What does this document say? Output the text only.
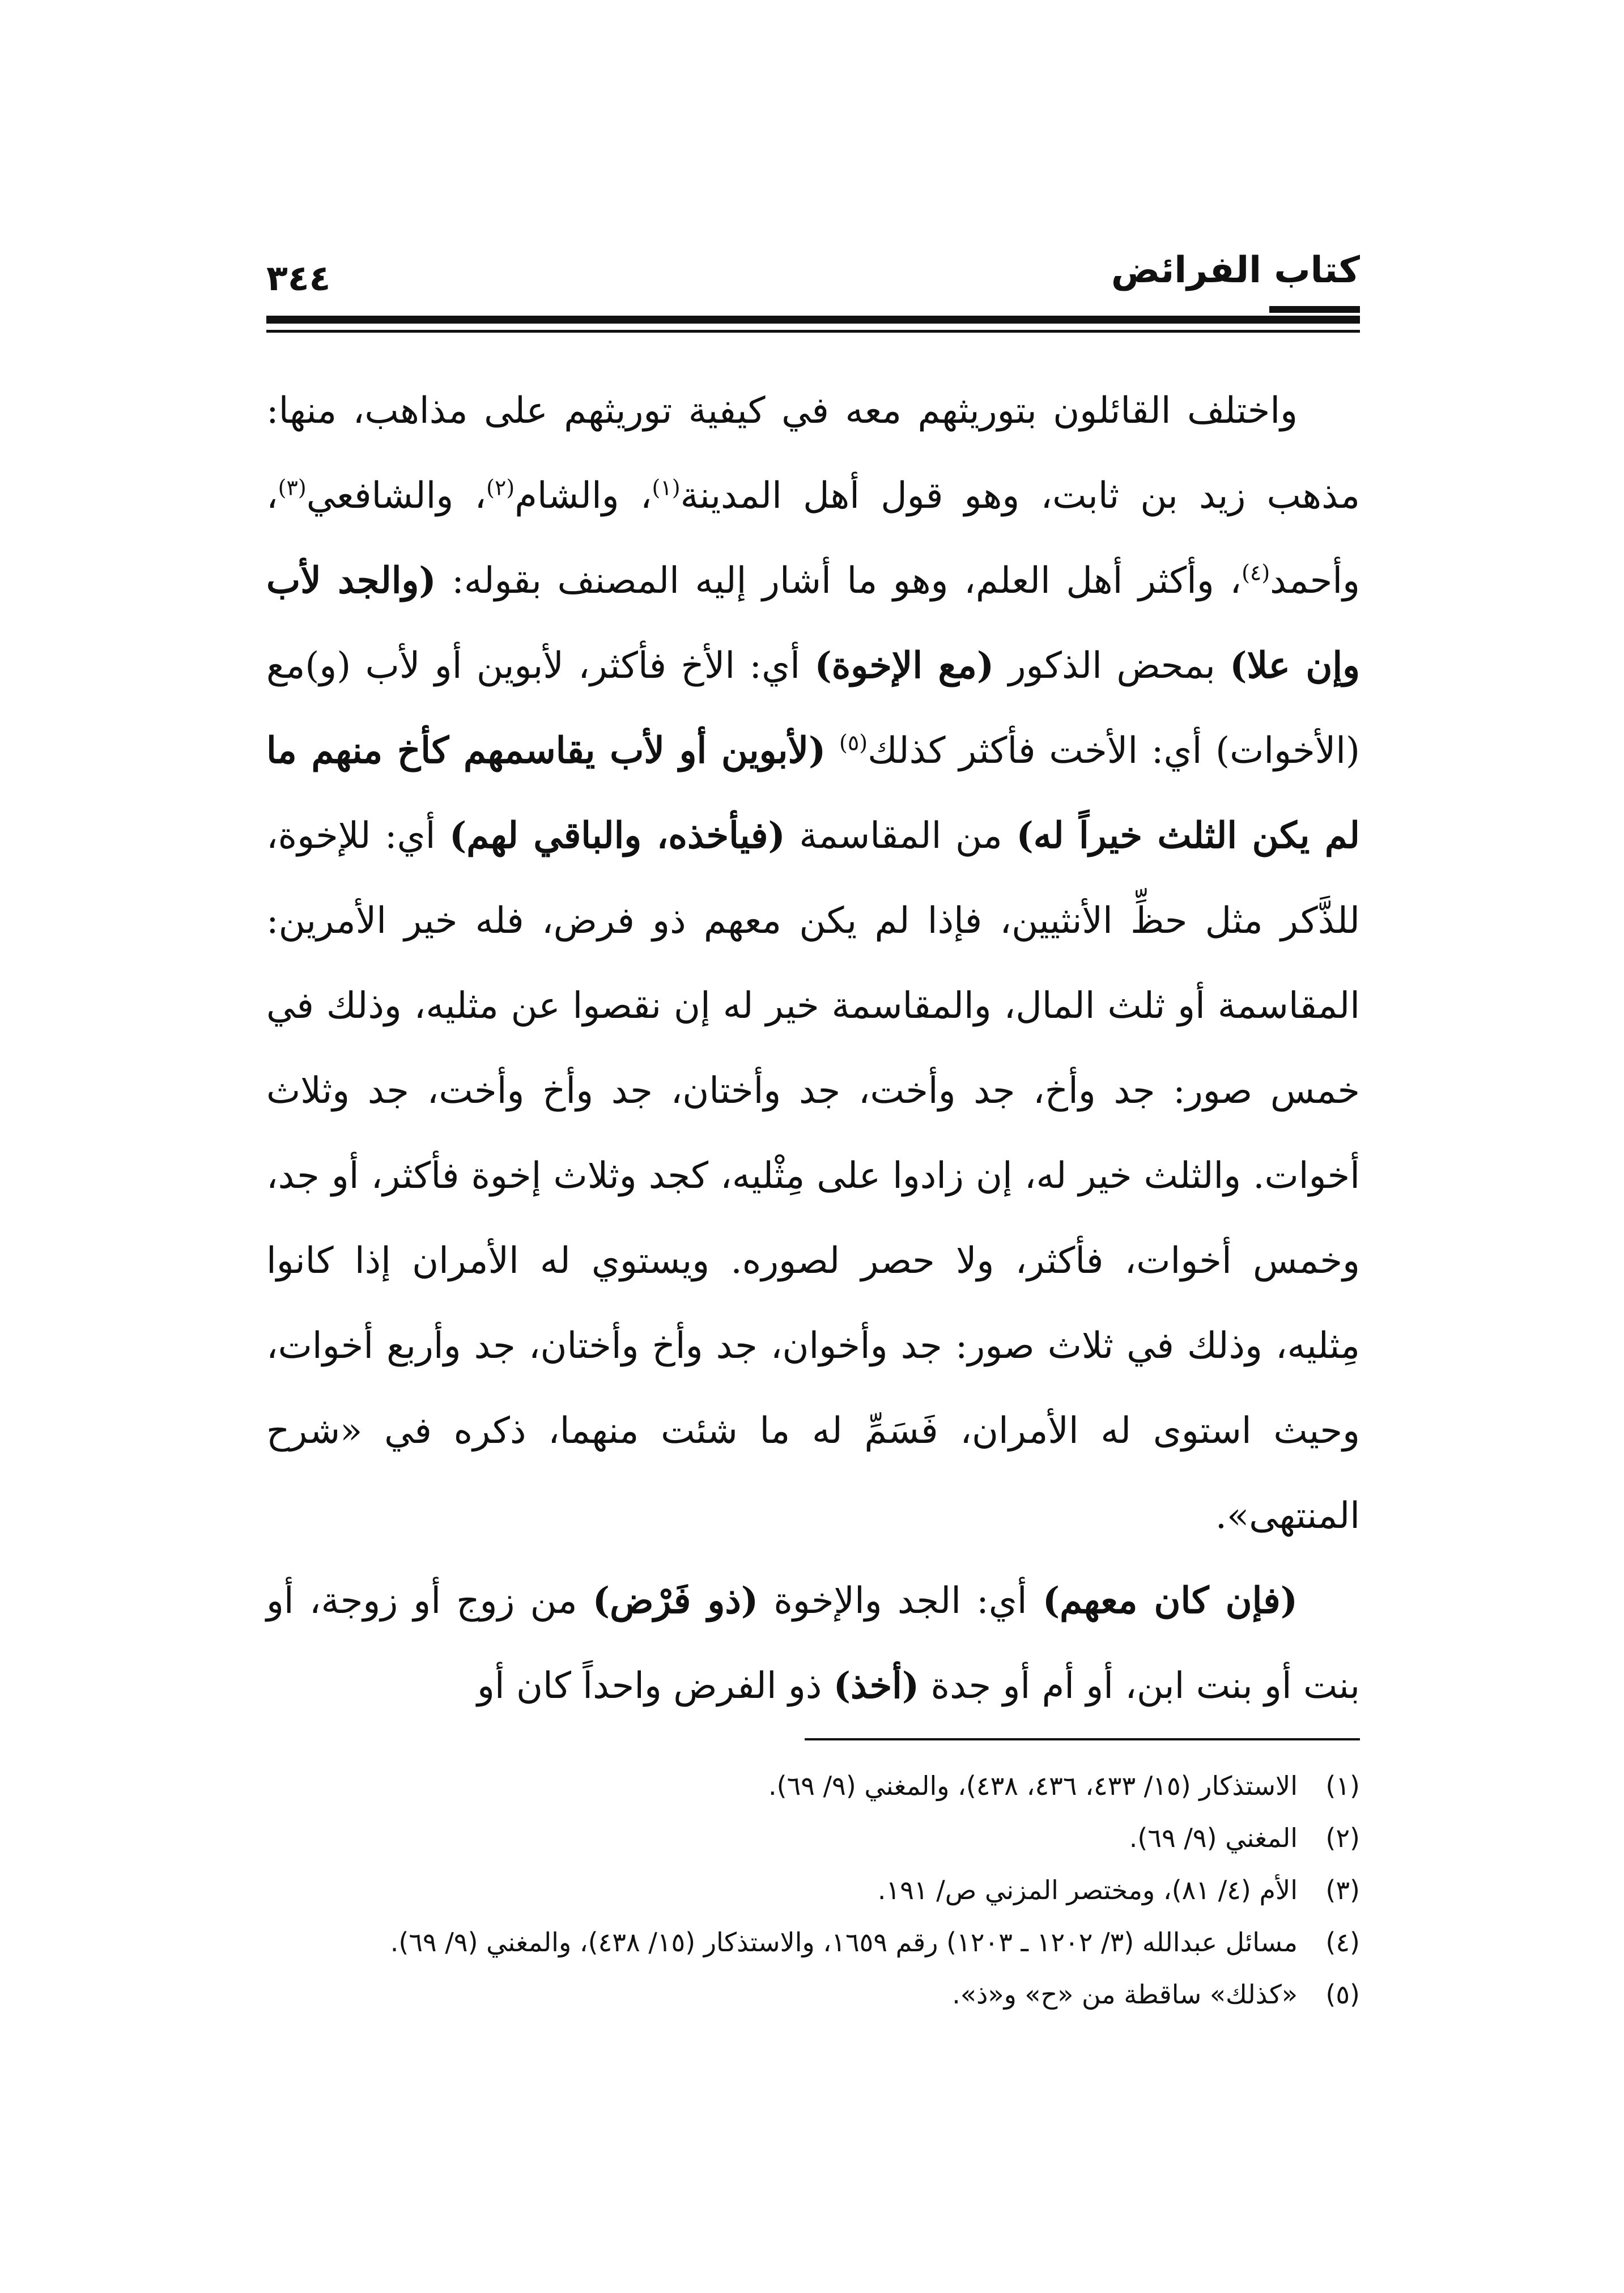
كتاب الفرائض
٣٤٤

واختلف القائلون بتوريثهم معه في كيفية توريثهم على مذاهب، منها: مذهب زيد بن ثابت، وهو قول أهل المدينة$^{(١)}$، والشام$^{(٢)}$، والشافعي$^{(٣)}$، وأحمد$^{(٤)}$، وأكثر أهل العلم، وهو ما أشار إليه المصنف بقوله: (والجد لأب وإن علا) بمحض الذكور (مع الإخوة) أي: الأخ فأكثر، لأبوين أو لأب (و)مع (الأخوات) أي: الأخت فأكثر كذلك$^{(٥)}$ (لأبوين أو لأب يقاسمهم كأخ منهم ما لم يكن الثلث خيراً له) من المقاسمة (فيأخذه، والباقي لهم) أي: للإخوة، للذَّكر مثل حظِّ الأنثيين، فإذا لم يكن معهم ذو فرض، فله خير الأمرين: المقاسمة أو ثلث المال، والمقاسمة خير له إن نقصوا عن مثليه، وذلك في خمس صور: جد وأخ، جد وأخت، جد وأختان، جد وأخ وأخت، جد وثلاث أخوات. والثلث خير له، إن زادوا على مِثْليه، كجد وثلاث إخوة فأكثر، أو جد، وخمس أخوات، فأكثر، ولا حصر لصوره. ويستوي له الأمران إذا كانوا مِثليه، وذلك في ثلاث صور: جد وأخوان، جد وأخ وأختان، جد وأربع أخوات، وحيث استوى له الأمران، فَسَمِّ له ما شئت منهما، ذكره في «شرح المنتهى».

(فإن كان معهم) أي: الجد والإخوة (ذو فَرْض) من زوج أو زوجة، أو بنت أو بنت ابن، أو أم أو جدة (أخذ) ذو الفرض واحداً كان أو

(١)
الاستذكار (١٥/ ٤٣٣، ٤٣٦، ٤٣٨)، والمغني (٩/ ٦٩).
(٢)
المغني (٩/ ٦٩).
(٣)
الأم (٤/ ٨١)، ومختصر المزني ص/ ١٩١.
(٤)
مسائل عبدالله (٣/ ١٢٠٢ ـ ١٢٠٣) رقم ١٦٥٩، والاستذكار (١٥/ ٤٣٨)، والمغني (٩/ ٦٩).
(٥)
«كذلك» ساقطة من «ح» و«ذ».
